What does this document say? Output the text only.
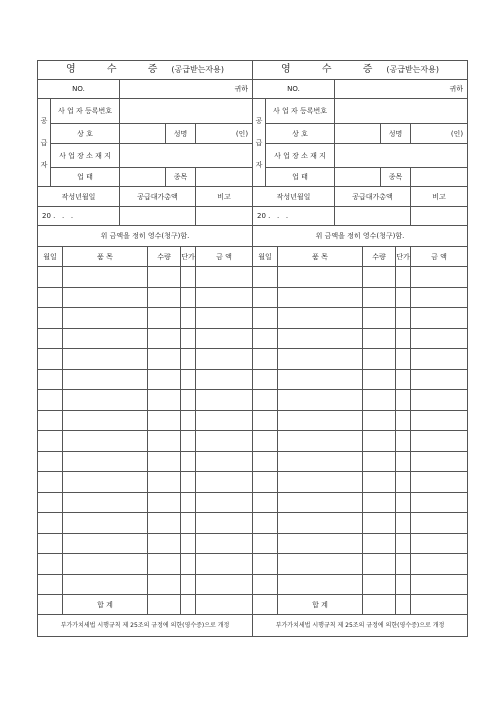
영 수 증(공급받는자용)							
NO.			귀하				
공 급 자	사 업 자 등록번호						
	상 호				성명		(인)
	사 업 장 소 재 지						
	업 태				종목		
작성년월일			공급대가총액				비고
20 .   .   .							
위 금액을 정히 영수(청구)함.							
월일		품 목		수량		단가	금 액

		합 계					
부가가치세법 시행규칙 제 25조의 규정에 의한(영수증)으로 개정							
영 수 증(공급받는자용)							
NO.			귀하				
공 급 자	사 업 자 등록번호						
	상 호				성명		(인)
	사 업 장 소 재 지						
	업 태				종목		
작성년월일			공급대가총액				비고
20 .   .   .							
위 금액을 정히 영수(청구)함.							
월일		품 목		수량		단가	금 액

		합 계					
부가가치세법 시행규칙 제 25조의 규정에 의한(영수증)으로 개정							
